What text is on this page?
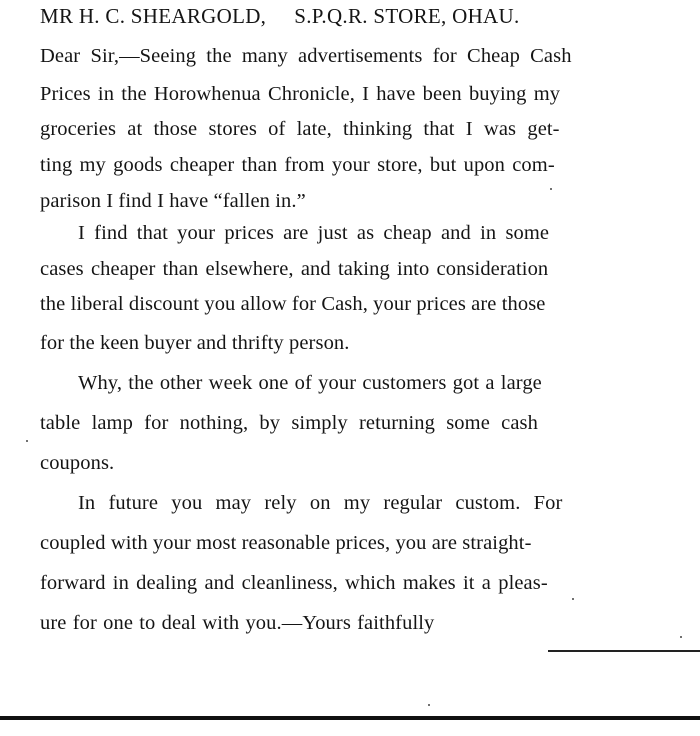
MR H. C. SHEARGOLD, S.P.Q.R. STORE, OHAU.
Dear Sir,—Seeing the many advertisements for Cheap Cash
Prices in the Horowhenua Chronicle, I have been buying my
groceries at those stores of late, thinking that I was get-
ting my goods cheaper than from your store, but upon com-
parison I find I have “fallen in.”
I find that your prices are just as cheap and in some
cases cheaper than elsewhere, and taking into consideration
the liberal discount you allow for Cash, your prices are those
for the keen buyer and thrifty person.
Why, the other week one of your customers got a large
table lamp for nothing, by simply returning some cash
coupons.
In future you may rely on my regular custom. For
coupled with your most reasonable prices, you are straight-
forward in dealing and cleanliness, which makes it a pleas-
ure for one to deal with you.—Yours faithfully
